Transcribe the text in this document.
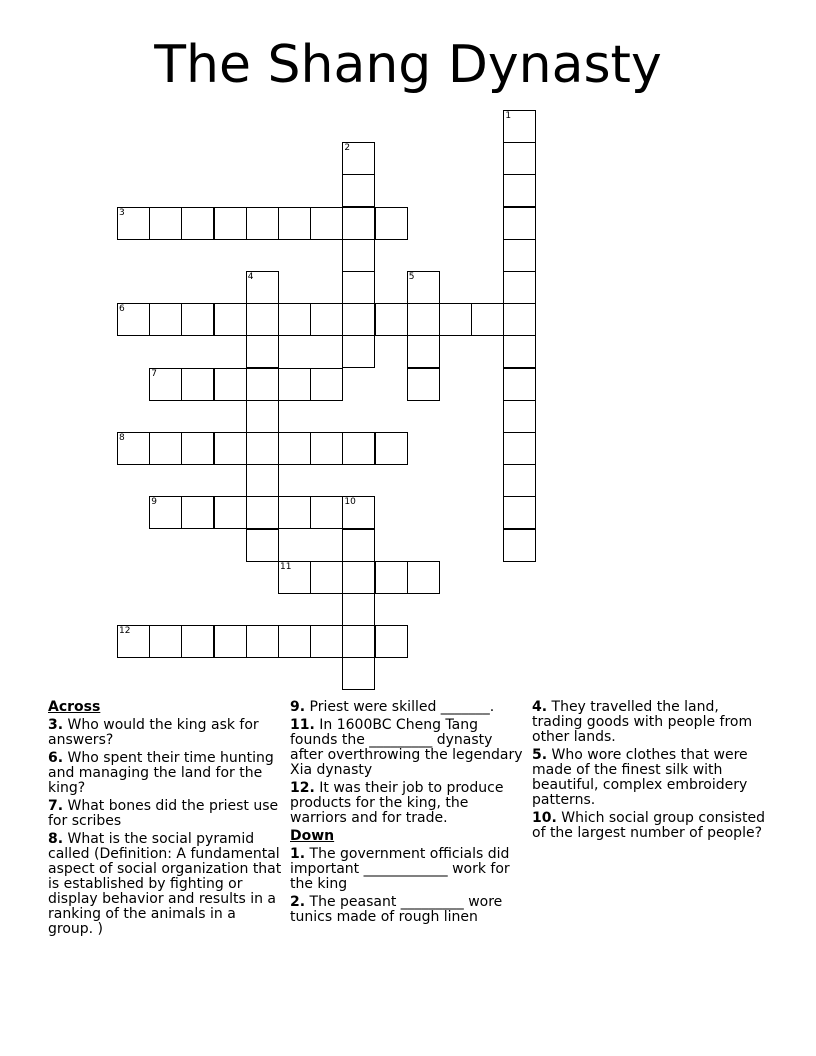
The Shang Dynasty
1
2
3
4	5
6
7
8
9	10
11
12

Across

3. Who would the king ask for answers?

6. Who spent their time hunting and managing the land for the king?

7. What bones did the priest use for scribes

8. What is the social pyramid called (Definition: A fundamental aspect of social organization that is established by fighting or display behavior and results in a ranking of the animals in a group. )

9. Priest were skilled _______.

11. In 1600BC Cheng Tang founds the _________ dynasty after overthrowing the legendary Xia dynasty

12. It was their job to produce products for the king, the warriors and for trade.

Down

1. The government officials did important ____________ work for the king

2. The peasant _________ wore tunics made of rough linen

4. They travelled the land, trading goods with people from other lands.

5. Who wore clothes that were made of the finest silk with beautiful, complex embroidery patterns.

10. Which social group consisted of the largest number of people?
